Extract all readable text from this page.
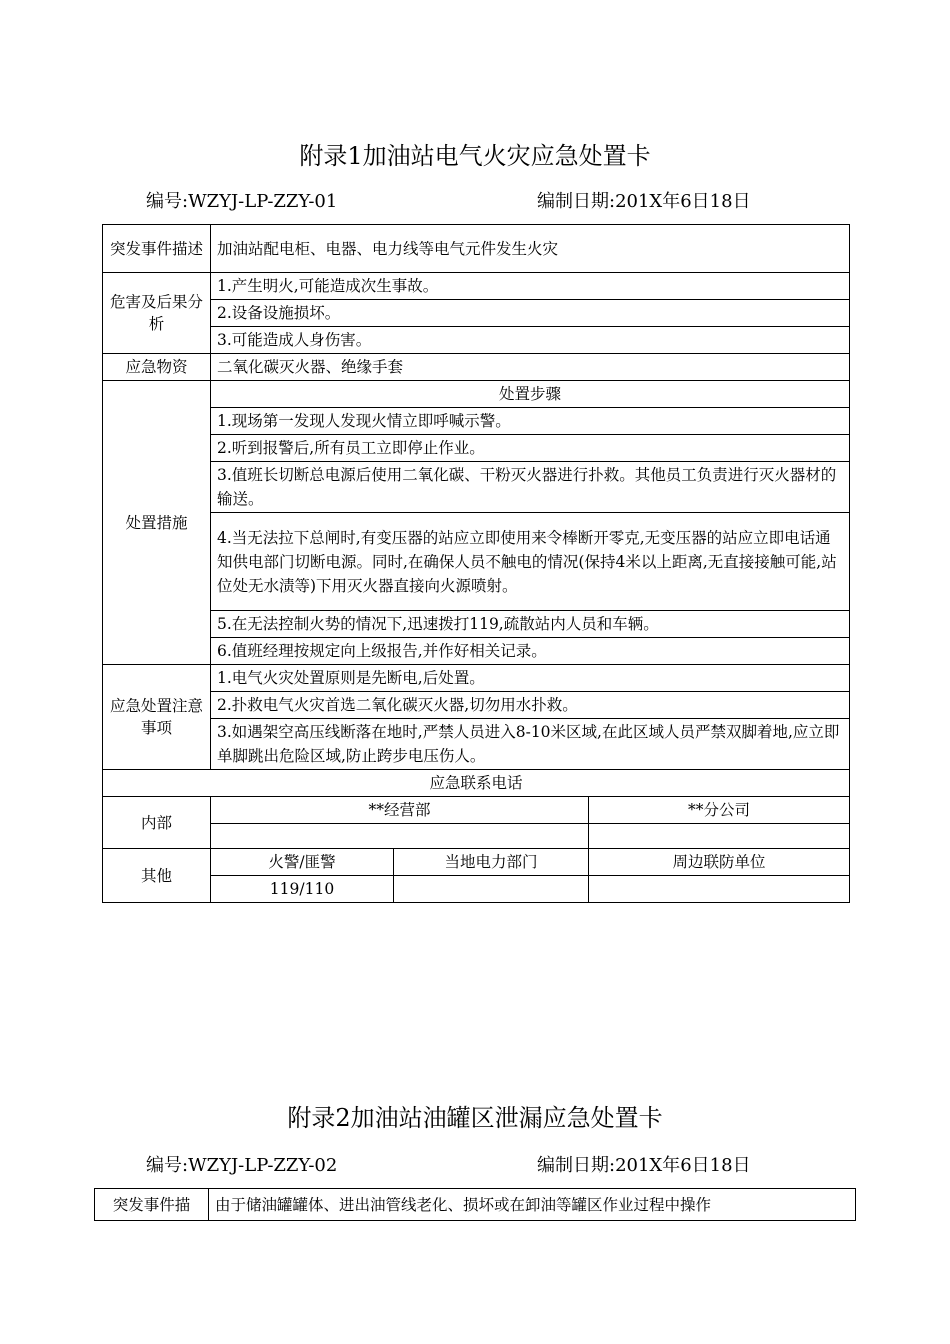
附录1加油站电气火灾应急处置卡
编号:WZYJ-LP-ZZY-01	编制日期:201X年6日18日
突发事件描述	加油站配电柜、电器、电力线等电气元件发生火灾		
危害及后果分析	1.产生明火,可能造成次生事故。		
	2.设备设施损坏。		
	3.可能造成人身伤害。		
应急物资	二氧化碳灭火器、绝缘手套		
处置措施	处置步骤		
	1.现场第一发现人发现火情立即呼喊示警。		
	2.听到报警后,所有员工立即停止作业。		
	3.值班长切断总电源后使用二氧化碳、干粉灭火器进行扑救。其他员工负责进行灭火器材的输送。		
	4.当无法拉下总闸时,有变压器的站应立即使用来令棒断开零克,无变压器的站应立即电话通知供电部门切断电源。同时,在确保人员不触电的情况(保持4米以上距离,无直接接触可能,站位处无水渍等)下用灭火器直接向火源喷射。		
	5.在无法控制火势的情况下,迅速拨打119,疏散站内人员和车辆。		
	6.值班经理按规定向上级报告,并作好相关记录。		
应急处置注意事项	1.电气火灾处置原则是先断电,后处置。		
	2.扑救电气火灾首选二氧化碳灭火器,切勿用水扑救。		
	3.如遇架空高压线断落在地时,严禁人员进入8-10米区域,在此区域人员严禁双脚着地,应立即单脚跳出危险区域,防止跨步电压伤人。		
应急联系电话			
内部	**经营部		**分公司

其他	火警/匪警	当地电力部门	周边联防单位
	119/110		
附录2加油站油罐区泄漏应急处置卡
编号:WZYJ-LP-ZZY-02	编制日期:201X年6日18日
突发事件描	由于储油罐罐体、进出油管线老化、损坏或在卸油等罐区作业过程中操作
